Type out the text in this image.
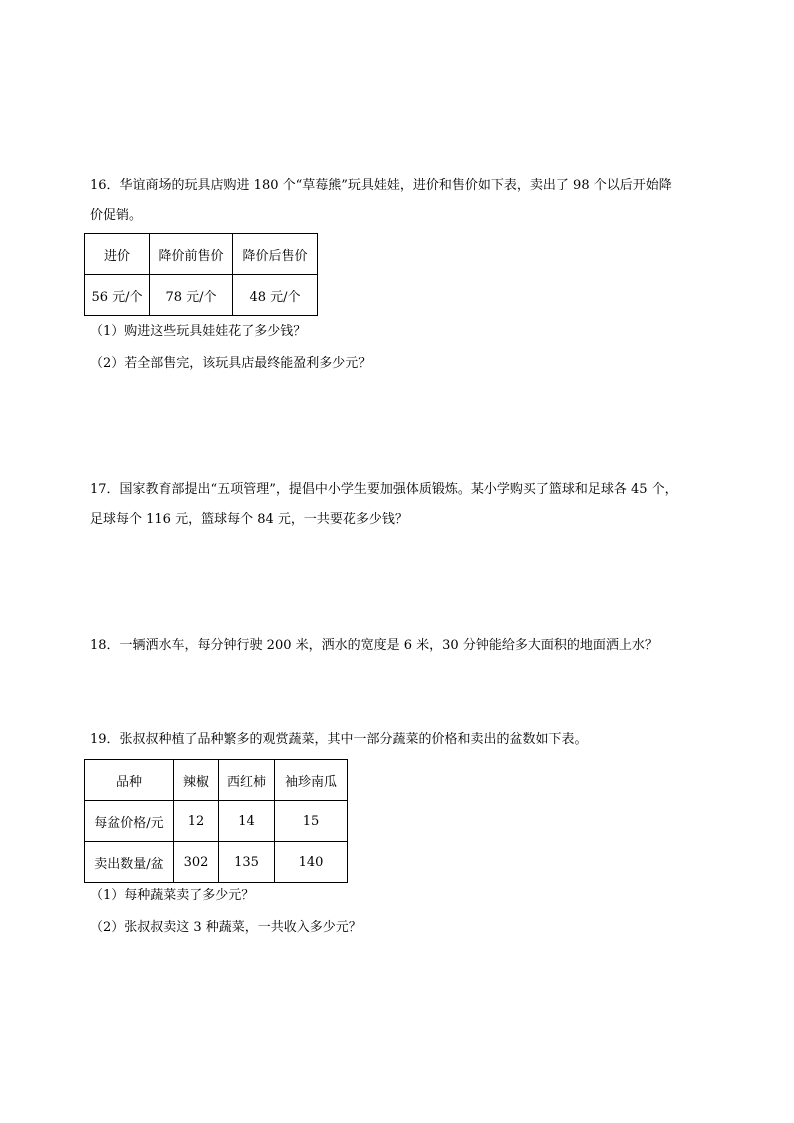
16．华谊商场的玩具店购进 180 个“草莓熊”玩具娃娃，进价和售价如下表，卖出了 98 个以后开始降
价促销。
进价	降价前售价	降价后售价
56 元/个	78 元/个	48 元/个
（1）购进这些玩具娃娃花了多少钱？
（2）若全部售完，该玩具店最终能盈利多少元？
17．国家教育部提出“五项管理”，提倡中小学生要加强体质锻炼。某小学购买了篮球和足球各 45 个，
足球每个 116 元，篮球每个 84 元，一共要花多少钱？
18．一辆洒水车，每分钟行驶 200 米，洒水的宽度是 6 米，30 分钟能给多大面积的地面洒上水？
19．张叔叔种植了品种繁多的观赏蔬菜，其中一部分蔬菜的价格和卖出的盆数如下表。
品种	辣椒	西红柿	袖珍南瓜
每盆价格/元	12	14	15
卖出数量/盆	302	135	140
（1）每种蔬菜卖了多少元？
（2）张叔叔卖这 3 种蔬菜，一共收入多少元？
